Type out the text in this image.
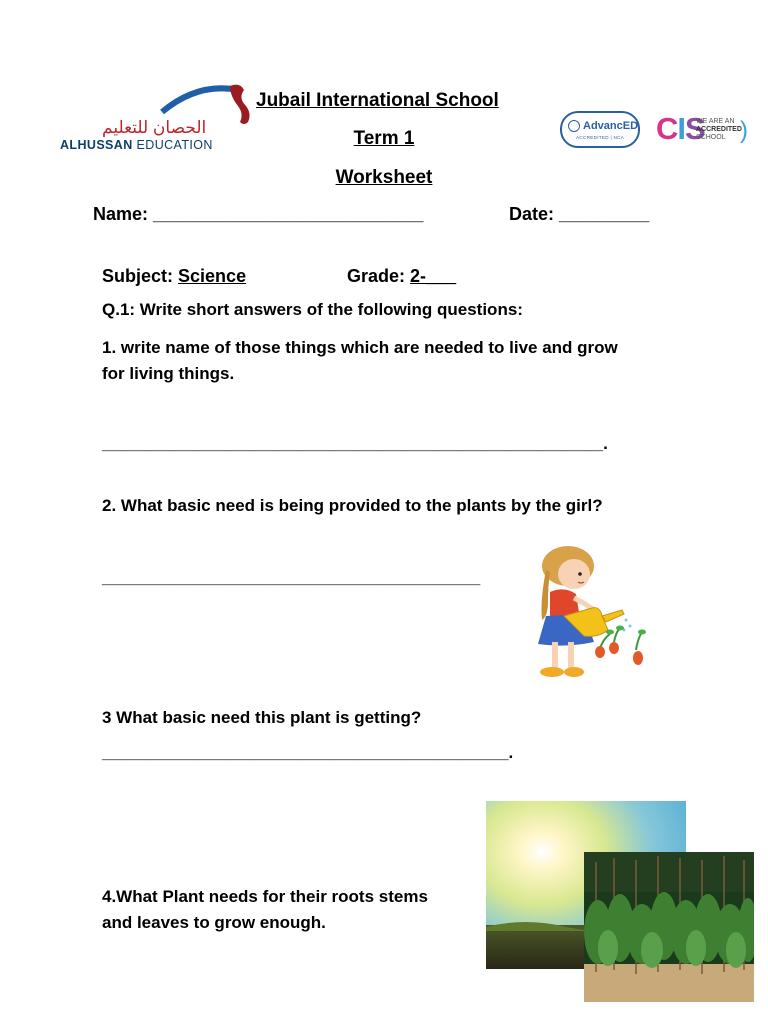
الحصان للتعليم
ALHUSSAN EDUCATION
Jubail International School
Term 1
Worksheet
AdvancED
ACCREDITED | NCA CIS
WE ARE AN
ACCREDITED
SCHOOL )
Name: ___________________________	Date: _________
Subject: Science	Grade: 2-___
Q.1: Write short answers of the following questions:
1. write name of those things which are needed to live and grow
for living things.
_____________________________________________________.
2. What basic need is being provided to the plants by the girl?
________________________________________
3 What basic need this plant is getting?
___________________________________________.
4.What Plant needs for their roots stems
and leaves to grow enough.
